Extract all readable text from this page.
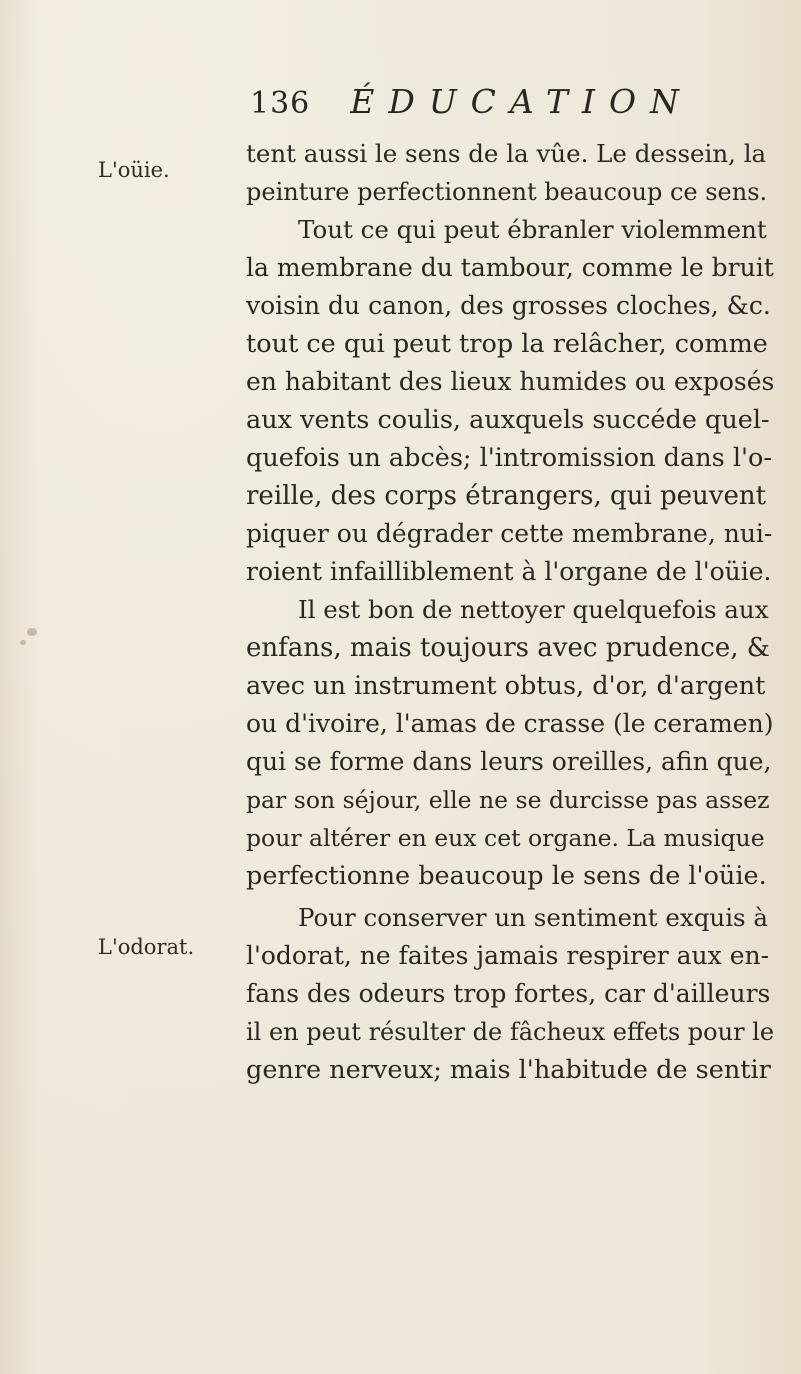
136 ÉDUCATION
L'oüie.
L'odorat.
tent aussi le sens de la vûe. Le dessein, la
peinture perfectionnent beaucoup ce sens.
Tout ce qui peut ébranler violemment
la membrane du tambour, comme le bruit
voisin du canon, des grosses cloches, &c.
tout ce qui peut trop la relâcher, comme
en habitant des lieux humides ou exposés
aux vents coulis, auxquels succéde quel-
quefois un abcès; l'intromission dans l'o-
reille, des corps étrangers, qui peuvent
piquer ou dégrader cette membrane, nui-
roient infailliblement à l'organe de l'oüie.
Il est bon de nettoyer quelquefois aux
enfans, mais toujours avec prudence, &
avec un instrument obtus, d'or, d'argent
ou d'ivoire, l'amas de crasse (le ceramen)
qui se forme dans leurs oreilles, afin que,
par son séjour, elle ne se durcisse pas assez
pour altérer en eux cet organe. La musique
perfectionne beaucoup le sens de l'oüie.
Pour conserver un sentiment exquis à
l'odorat, ne faites jamais respirer aux en-
fans des odeurs trop fortes, car d'ailleurs
il en peut résulter de fâcheux effets pour le
genre nerveux; mais l'habitude de sentir
